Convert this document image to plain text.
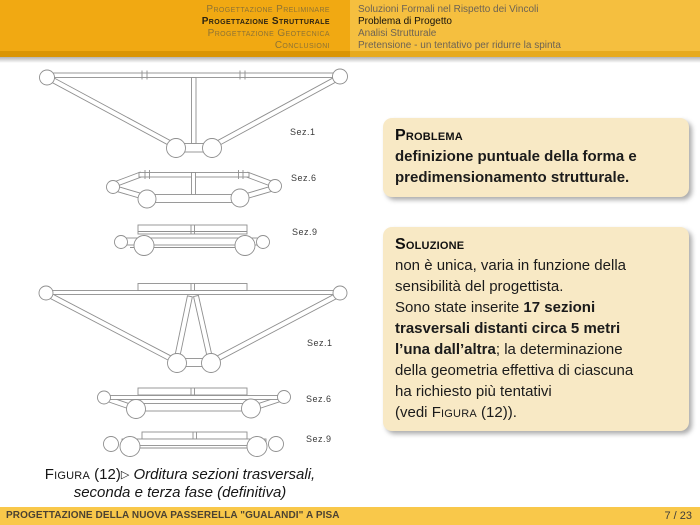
Progettazione Preliminare
Progettazione Strutturale
Progettazione Geotecnica
Conclusioni
Soluzioni Formali nel Rispetto dei Vincoli
Problema di Progetto
Analisi Strutturale
Pretensione - un tentativo per ridurre la spinta
Sez.1
Sez.6
Sez.9
Sez.1
Sez.6
Sez.9
Figura (12)▷ Orditura sezioni trasversali,
seconda e terza fase (definitiva)
Problema
definizione puntuale della forma e
predimensionamento strutturale.
Soluzione
non è unica, varia in funzione della
sensibilità del progettista.
Sono state inserite 17 sezioni
trasversali distanti circa 5 metri
l’una dall’altra; la determinazione
della geometria effettiva di ciascuna
ha richiesto più tentativi
(vedi Figura (12)).
PROGETTAZIONE DELLA NUOVA PASSERELLA "GUALANDI" A PISA	7 / 23
